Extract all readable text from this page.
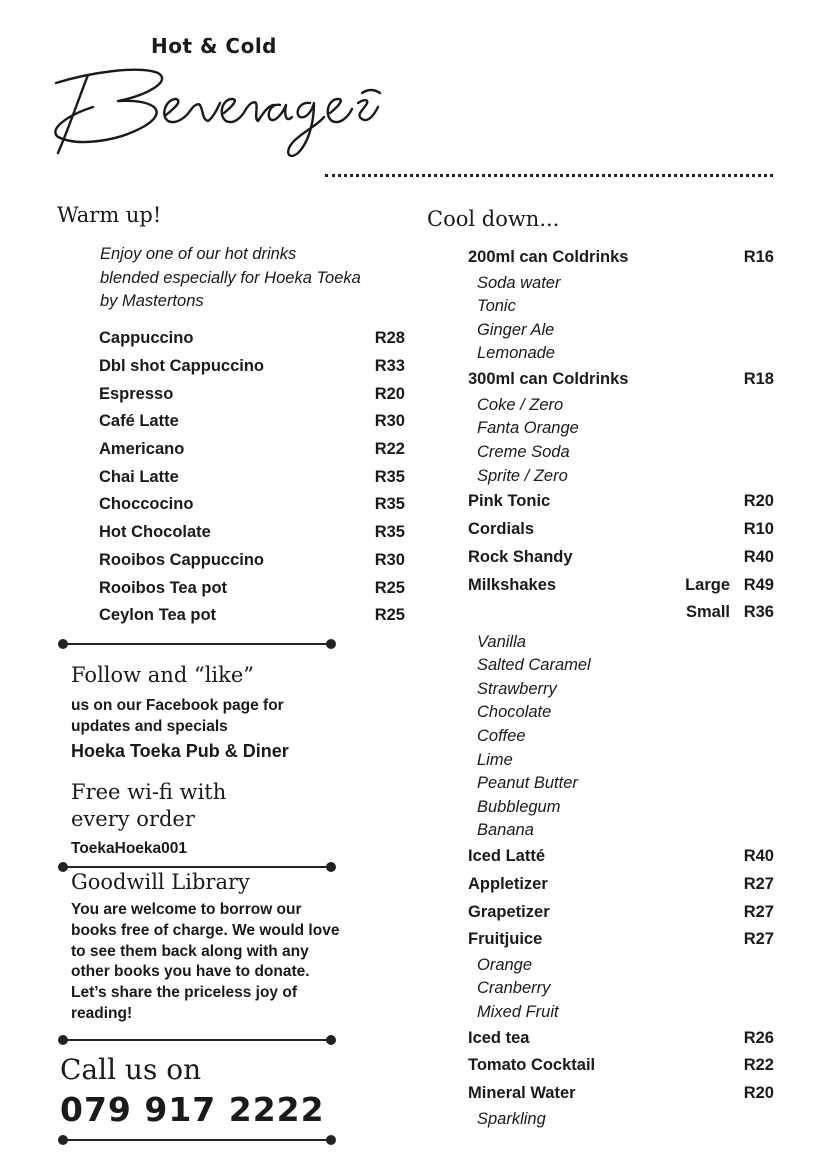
Hot & Cold
Warm up!
Enjoy one of our hot drinks
blended especially for Hoeka Toeka
by Mastertons
Cappuccino	R28
Dbl shot Cappuccino	R33
Espresso	R20
Café Latte	R30
Americano	R22
Chai Latte	R35
Choccocino	R35
Hot Chocolate	R35
Rooibos Cappuccino	R30
Rooibos Tea pot	R25
Ceylon Tea pot	R25
Follow and “like”
us on our Facebook page for
updates and specials
Hoeka Toeka Pub & Diner
Free wi-fi with
every order
ToekaHoeka001
Goodwill Library
You are welcome to borrow our
books free of charge. We would love
to see them back along with any
other books you have to donate.
Let’s share the priceless joy of
reading!
Call us on
079 917 2222
Cool down...
200ml can Coldrinks	R16
Soda water
Tonic
Ginger Ale
Lemonade
300ml can Coldrinks	R18
Coke / Zero
Fanta Orange
Creme Soda
Sprite / Zero
Pink Tonic	R20
Cordials	R10
Rock Shandy	R40
Milkshakes	Large R49
Small R36
Vanilla
Salted Caramel
Strawberry
Chocolate
Coffee
Lime
Peanut Butter
Bubblegum
Banana
Iced Latté	R40
Appletizer	R27
Grapetizer	R27
Fruitjuice	R27
Orange
Cranberry
Mixed Fruit
Iced tea	R26
Tomato Cocktail	R22
Mineral Water	R20
Sparkling
